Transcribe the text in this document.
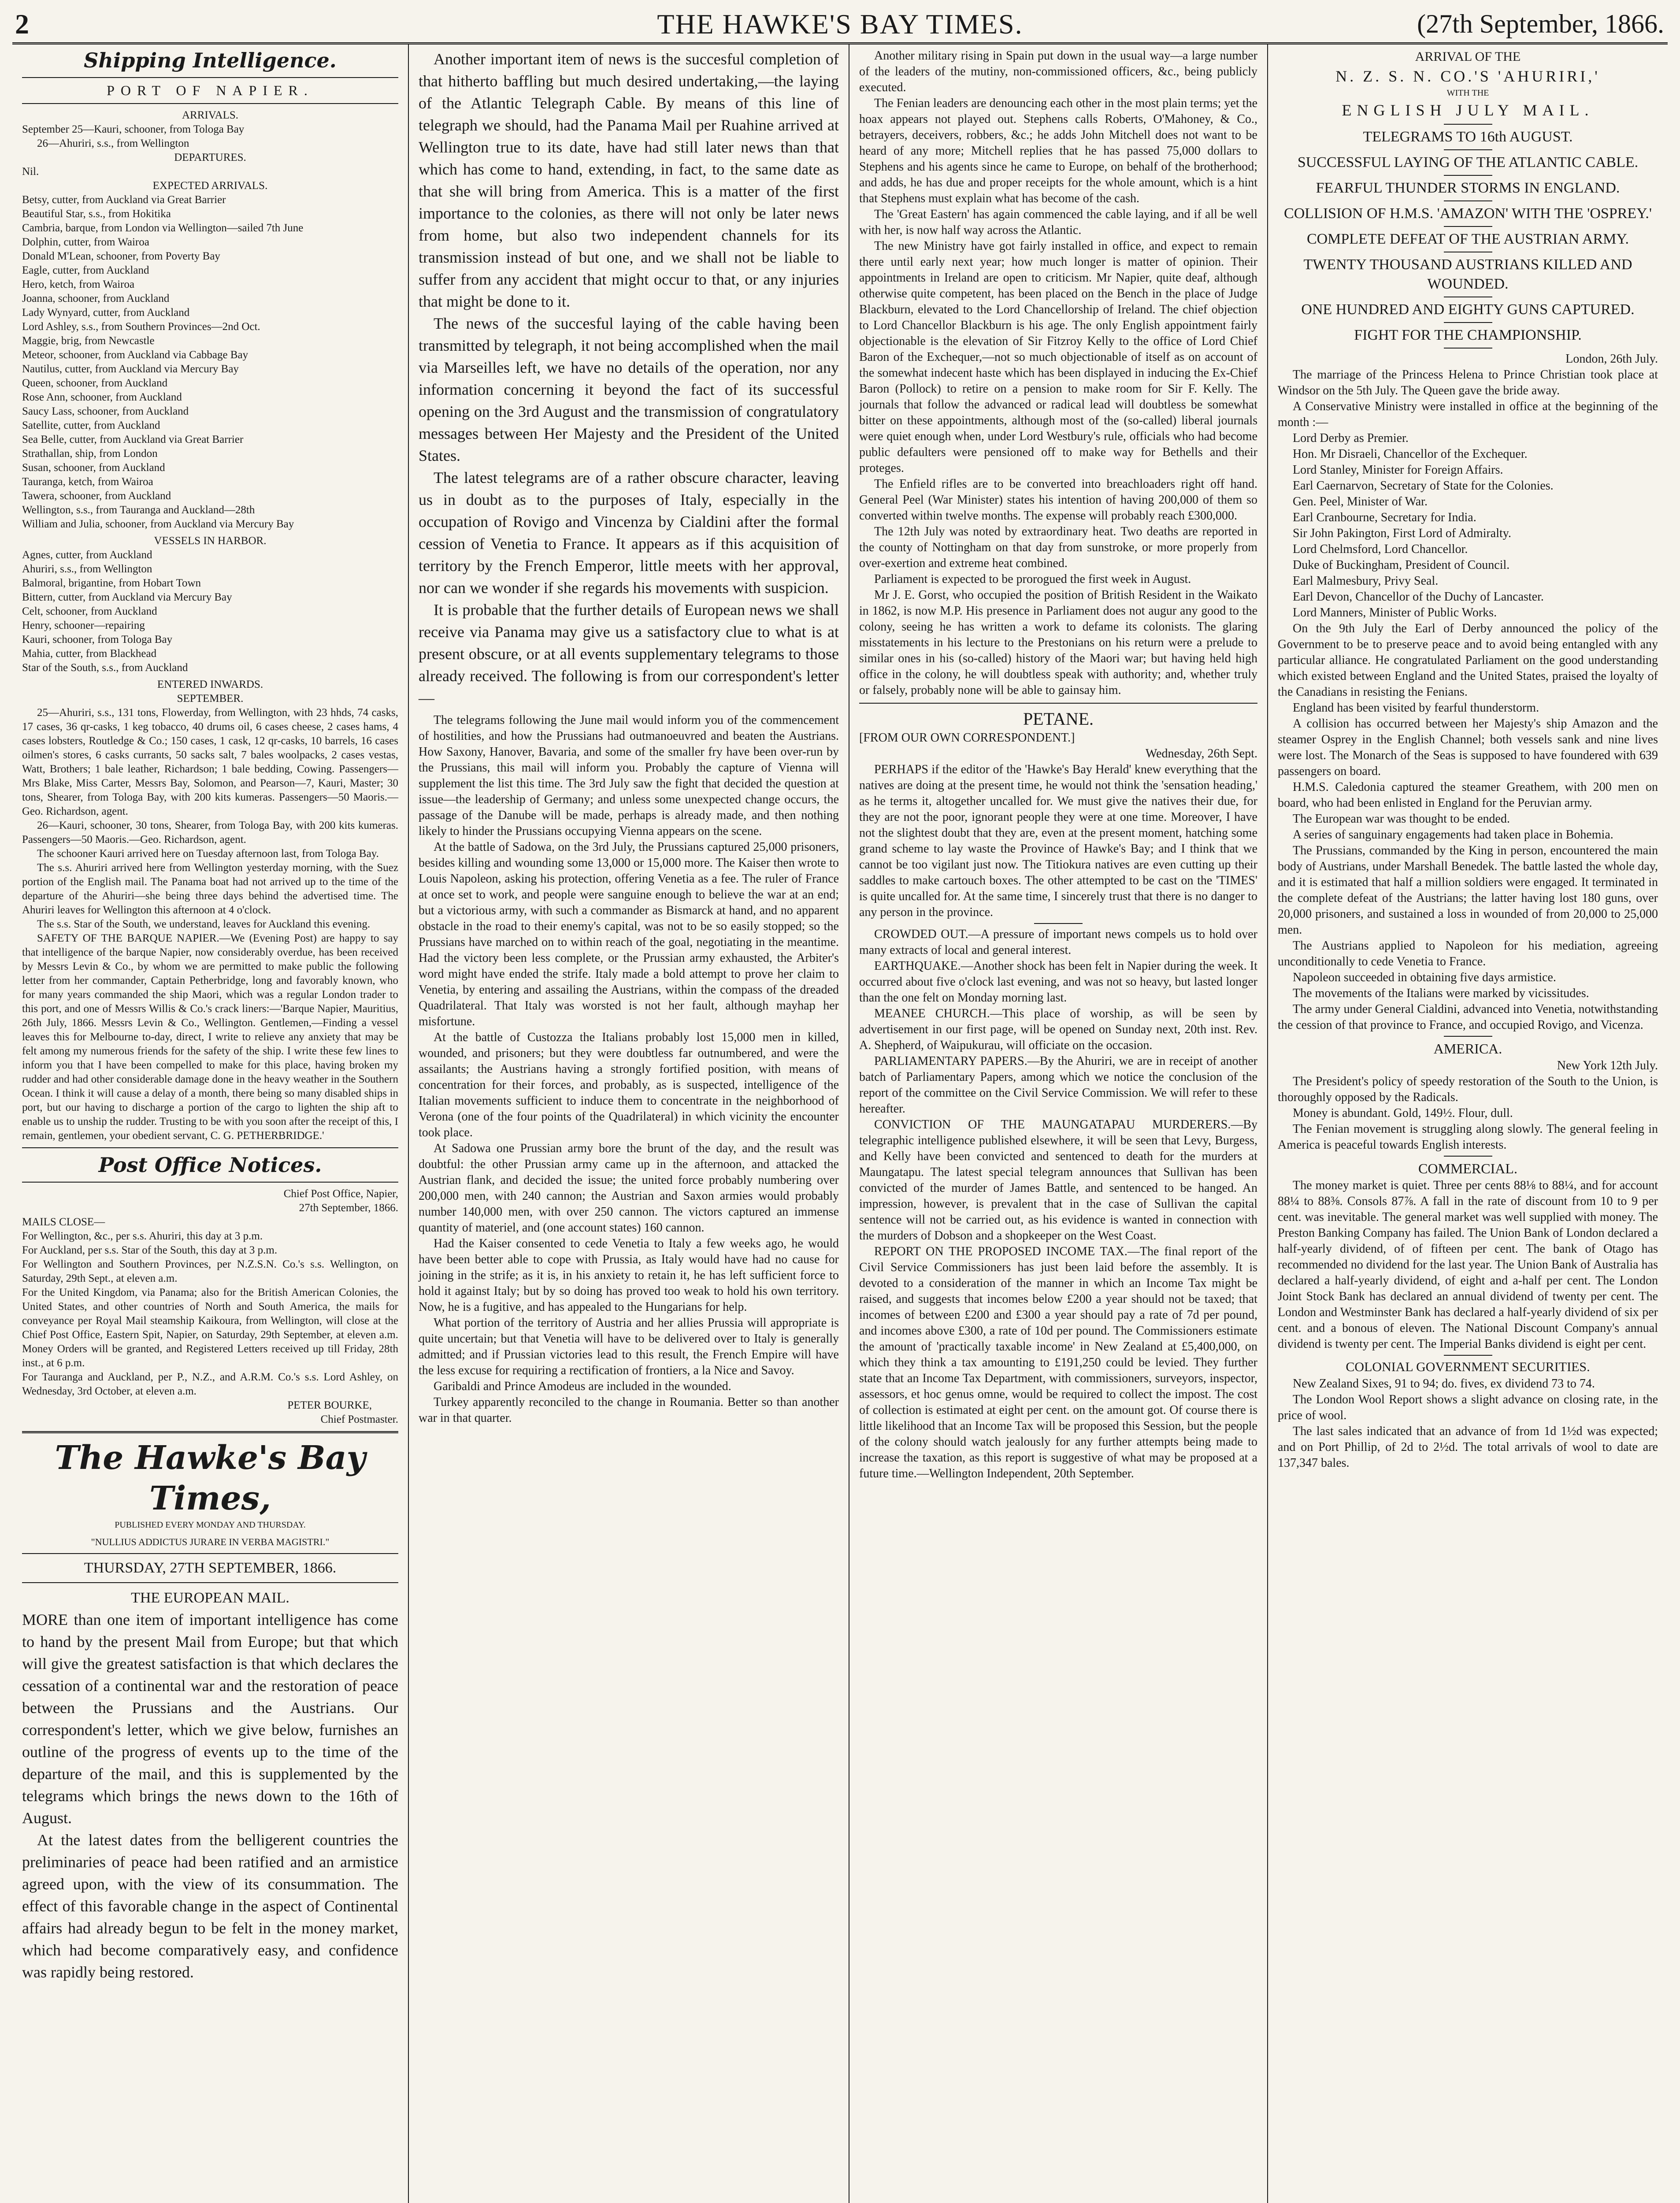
2	THE HAWKE'S BAY TIMES.	(27th September, 1866.
Shipping Intelligence.
PORT OF NAPIER.
ARRIVALS.

September 25—Kauri, schooner, from Tologa Bay

26—Ahuriri, s.s., from Wellington

DEPARTURES.

Nil.

EXPECTED ARRIVALS.

Betsy, cutter, from Auckland via Great Barrier

Beautiful Star, s.s., from Hokitika

Cambria, barque, from London via Wellington—sailed 7th June

Dolphin, cutter, from Wairoa

Donald M'Lean, schooner, from Poverty Bay

Eagle, cutter, from Auckland

Hero, ketch, from Wairoa

Joanna, schooner, from Auckland

Lady Wynyard, cutter, from Auckland

Lord Ashley, s.s., from Southern Provinces—2nd Oct.

Maggie, brig, from Newcastle

Meteor, schooner, from Auckland via Cabbage Bay

Nautilus, cutter, from Auckland via Mercury Bay

Queen, schooner, from Auckland

Rose Ann, schooner, from Auckland

Saucy Lass, schooner, from Auckland

Satellite, cutter, from Auckland

Sea Belle, cutter, from Auckland via Great Barrier

Strathallan, ship, from London

Susan, schooner, from Auckland

Tauranga, ketch, from Wairoa

Tawera, schooner, from Auckland

Wellington, s.s., from Tauranga and Auckland—28th

William and Julia, schooner, from Auckland via Mercury Bay

VESSELS IN HARBOR.

Agnes, cutter, from Auckland

Ahuriri, s.s., from Wellington

Balmoral, brigantine, from Hobart Town

Bittern, cutter, from Auckland via Mercury Bay

Celt, schooner, from Auckland

Henry, schooner—repairing

Kauri, schooner, from Tologa Bay

Mahia, cutter, from Blackhead

Star of the South, s.s., from Auckland

ENTERED INWARDS.
SEPTEMBER.

25—Ahuriri, s.s., 131 tons, Flowerday, from Wellington, with 23 hhds, 74 casks, 17 cases, 36 qr-casks, 1 keg tobacco, 40 drums oil, 6 cases cheese, 2 cases hams, 4 cases lobsters, Routledge & Co.; 150 cases, 1 cask, 12 qr-casks, 10 barrels, 16 cases oilmen's stores, 6 casks currants, 50 sacks salt, 7 bales woolpacks, 2 cases vestas, Watt, Brothers; 1 bale leather, Richardson; 1 bale bedding, Cowing. Passengers—Mrs Blake, Miss Carter, Messrs Bay, Solomon, and Pearson—7, Kauri, Master; 30 tons, Shearer, from Tologa Bay, with 200 kits kumeras. Passengers—50 Maoris.—Geo. Richardson, agent.

26—Kauri, schooner, 30 tons, Shearer, from Tologa Bay, with 200 kits kumeras. Passengers—50 Maoris.—Geo. Richardson, agent.

The schooner Kauri arrived here on Tuesday afternoon last, from Tologa Bay.

The s.s. Ahuriri arrived here from Wellington yesterday morning, with the Suez portion of the English mail. The Panama boat had not arrived up to the time of the departure of the Ahuriri—she being three days behind the advertised time. The Ahuriri leaves for Wellington this afternoon at 4 o'clock.

The s.s. Star of the South, we understand, leaves for Auckland this evening.

SAFETY OF THE BARQUE NAPIER.—We (Evening Post) are happy to say that intelligence of the barque Napier, now considerably overdue, has been received by Messrs Levin & Co., by whom we are permitted to make public the following letter from her commander, Captain Petherbridge, long and favorably known, who for many years commanded the ship Maori, which was a regular London trader to this port, and one of Messrs Willis & Co.'s crack liners:—'Barque Napier, Mauritius, 26th July, 1866. Messrs Levin & Co., Wellington. Gentlemen,—Finding a vessel leaves this for Melbourne to-day, direct, I write to relieve any anxiety that may be felt among my numerous friends for the safety of the ship. I write these few lines to inform you that I have been compelled to make for this place, having broken my rudder and had other considerable damage done in the heavy weather in the Southern Ocean. I think it will cause a delay of a month, there being so many disabled ships in port, but our having to discharge a portion of the cargo to lighten the ship aft to enable us to unship the rudder. Trusting to be with you soon after the receipt of this, I remain, gentlemen, your obedient servant, C. G. PETHERBRIDGE.'

Post Office Notices.

Chief Post Office, Napier,

27th September, 1866.

MAILS CLOSE—

For Wellington, &c., per s.s. Ahuriri, this day at 3 p.m.

For Auckland, per s.s. Star of the South, this day at 3 p.m.

For Wellington and Southern Provinces, per N.Z.S.N. Co.'s s.s. Wellington, on Saturday, 29th Sept., at eleven a.m.

For the United Kingdom, via Panama; also for the British American Colonies, the United States, and other countries of North and South America, the mails for conveyance per Royal Mail steamship Kaikoura, from Wellington, will close at the Chief Post Office, Eastern Spit, Napier, on Saturday, 29th September, at eleven a.m. Money Orders will be granted, and Registered Letters received up till Friday, 28th inst., at 6 p.m.

For Tauranga and Auckland, per P., N.Z., and A.R.M. Co.'s s.s. Lord Ashley, on Wednesday, 3rd October, at eleven a.m.

PETER BOURKE,

Chief Postmaster.

The Hawke's Bay Times,
PUBLISHED EVERY MONDAY AND THURSDAY.
"NULLIUS ADDICTUS JURARE IN VERBA MAGISTRI."
THURSDAY, 27TH SEPTEMBER, 1866.
THE EUROPEAN MAIL.

MORE than one item of important intelligence has come to hand by the present Mail from Europe; but that which will give the greatest satisfaction is that which declares the cessation of a continental war and the restoration of peace between the Prussians and the Austrians. Our correspondent's letter, which we give below, furnishes an outline of the progress of events up to the time of the departure of the mail, and this is supplemented by the telegrams which brings the news down to the 16th of August.

At the latest dates from the belligerent countries the preliminaries of peace had been ratified and an armistice agreed upon, with the view of its consummation. The effect of this favorable change in the aspect of Continental affairs had already begun to be felt in the money market, which had become comparatively easy, and confidence was rapidly being restored.

Another important item of news is the succesful completion of that hitherto baffling but much desired undertaking,—the laying of the Atlantic Telegraph Cable. By means of this line of telegraph we should, had the Panama Mail per Ruahine arrived at Wellington true to its date, have had still later news than that which has come to hand, extending, in fact, to the same date as that she will bring from America. This is a matter of the first importance to the colonies, as there will not only be later news from home, but also two independent channels for its transmission instead of but one, and we shall not be liable to suffer from any accident that might occur to that, or any injuries that might be done to it.

The news of the succesful laying of the cable having been transmitted by telegraph, it not being accomplished when the mail via Marseilles left, we have no details of the operation, nor any information concerning it beyond the fact of its successful opening on the 3rd August and the transmission of congratulatory messages between Her Majesty and the President of the United States.

The latest telegrams are of a rather obscure character, leaving us in doubt as to the purposes of Italy, especially in the occupation of Rovigo and Vincenza by Cialdini after the formal cession of Venetia to France. It appears as if this acquisition of territory by the French Emperor, little meets with her approval, nor can we wonder if she regards his movements with suspicion.

It is probable that the further details of European news we shall receive via Panama may give us a satisfactory clue to what is at present obscure, or at all events supplementary telegrams to those already received. The following is from our correspondent's letter—

The telegrams following the June mail would inform you of the commencement of hostilities, and how the Prussians had outmanoeuvred and beaten the Austrians. How Saxony, Hanover, Bavaria, and some of the smaller fry have been over-run by the Prussians, this mail will inform you. Probably the capture of Vienna will supplement the list this time. The 3rd July saw the fight that decided the question at issue—the leadership of Germany; and unless some unexpected change occurs, the passage of the Danube will be made, perhaps is already made, and then nothing likely to hinder the Prussians occupying Vienna appears on the scene.

At the battle of Sadowa, on the 3rd July, the Prussians captured 25,000 prisoners, besides killing and wounding some 13,000 or 15,000 more. The Kaiser then wrote to Louis Napoleon, asking his protection, offering Venetia as a fee. The ruler of France at once set to work, and people were sanguine enough to believe the war at an end; but a victorious army, with such a commander as Bismarck at hand, and no apparent obstacle in the road to their enemy's capital, was not to be so easily stopped; so the Prussians have marched on to within reach of the goal, negotiating in the meantime. Had the victory been less complete, or the Prussian army exhausted, the Arbiter's word might have ended the strife. Italy made a bold attempt to prove her claim to Venetia, by entering and assailing the Austrians, within the compass of the dreaded Quadrilateral. That Italy was worsted is not her fault, although mayhap her misfortune.

At the battle of Custozza the Italians probably lost 15,000 men in killed, wounded, and prisoners; but they were doubtless far outnumbered, and were the assailants; the Austrians having a strongly fortified position, with means of concentration for their forces, and probably, as is suspected, intelligence of the Italian movements sufficient to induce them to concentrate in the neighborhood of Verona (one of the four points of the Quadrilateral) in which vicinity the encounter took place.

At Sadowa one Prussian army bore the brunt of the day, and the result was doubtful: the other Prussian army came up in the afternoon, and attacked the Austrian flank, and decided the issue; the united force probably numbering over 200,000 men, with 240 cannon; the Austrian and Saxon armies would probably number 140,000 men, with over 250 cannon. The victors captured an immense quantity of materiel, and (one account states) 160 cannon.

Had the Kaiser consented to cede Venetia to Italy a few weeks ago, he would have been better able to cope with Prussia, as Italy would have had no cause for joining in the strife; as it is, in his anxiety to retain it, he has left sufficient force to hold it against Italy; but by so doing has proved too weak to hold his own territory. Now, he is a fugitive, and has appealed to the Hungarians for help.

What portion of the territory of Austria and her allies Prussia will appropriate is quite uncertain; but that Venetia will have to be delivered over to Italy is generally admitted; and if Prussian victories lead to this result, the French Empire will have the less excuse for requiring a rectification of frontiers, a la Nice and Savoy.

Garibaldi and Prince Amodeus are included in the wounded.

Turkey apparently reconciled to the change in Roumania. Better so than another war in that quarter.

Another military rising in Spain put down in the usual way—a large number of the leaders of the mutiny, non-commissioned officers, &c., being publicly executed.

The Fenian leaders are denouncing each other in the most plain terms; yet the hoax appears not played out. Stephens calls Roberts, O'Mahoney, & Co., betrayers, deceivers, robbers, &c.; he adds John Mitchell does not want to be heard of any more; Mitchell replies that he has passed 75,000 dollars to Stephens and his agents since he came to Europe, on behalf of the brotherhood; and adds, he has due and proper receipts for the whole amount, which is a hint that Stephens must explain what has become of the cash.

The 'Great Eastern' has again commenced the cable laying, and if all be well with her, is now half way across the Atlantic.

The new Ministry have got fairly installed in office, and expect to remain there until early next year; how much longer is matter of opinion. Their appointments in Ireland are open to criticism. Mr Napier, quite deaf, although otherwise quite competent, has been placed on the Bench in the place of Judge Blackburn, elevated to the Lord Chancellorship of Ireland. The chief objection to Lord Chancellor Blackburn is his age. The only English appointment fairly objectionable is the elevation of Sir Fitzroy Kelly to the office of Lord Chief Baron of the Exchequer,—not so much objectionable of itself as on account of the somewhat indecent haste which has been displayed in inducing the Ex-Chief Baron (Pollock) to retire on a pension to make room for Sir F. Kelly. The journals that follow the advanced or radical lead will doubtless be somewhat bitter on these appointments, although most of the (so-called) liberal journals were quiet enough when, under Lord Westbury's rule, officials who had become public defaulters were pensioned off to make way for Bethells and their proteges.

The Enfield rifles are to be converted into breachloaders right off hand. General Peel (War Minister) states his intention of having 200,000 of them so converted within twelve months. The expense will probably reach £300,000.

The 12th July was noted by extraordinary heat. Two deaths are reported in the county of Nottingham on that day from sunstroke, or more properly from over-exertion and extreme heat combined.

Parliament is expected to be prorogued the first week in August.

Mr J. E. Gorst, who occupied the position of British Resident in the Waikato in 1862, is now M.P. His presence in Parliament does not augur any good to the colony, seeing he has written a work to defame its colonists. The glaring misstatements in his lecture to the Prestonians on his return were a prelude to similar ones in his (so-called) history of the Maori war; but having held high office in the colony, he will doubtless speak with authority; and, whether truly or falsely, probably none will be able to gainsay him.

PETANE.

[FROM OUR OWN CORRESPONDENT.]

Wednesday, 26th Sept.

PERHAPS if the editor of the 'Hawke's Bay Herald' knew everything that the natives are doing at the present time, he would not think the 'sensation heading,' as he terms it, altogether uncalled for. We must give the natives their due, for they are not the poor, ignorant people they were at one time. Moreover, I have not the slightest doubt that they are, even at the present moment, hatching some grand scheme to lay waste the Province of Hawke's Bay; and I think that we cannot be too vigilant just now. The Titiokura natives are even cutting up their saddles to make cartouch boxes. The other attempted to be cast on the 'TIMES' is quite uncalled for. At the same time, I sincerely trust that there is no danger to any person in the province.

CROWDED OUT.—A pressure of important news compels us to hold over many extracts of local and general interest.

EARTHQUAKE.—Another shock has been felt in Napier during the week. It occurred about five o'clock last evening, and was not so heavy, but lasted longer than the one felt on Monday morning last.

MEANEE CHURCH.—This place of worship, as will be seen by advertisement in our first page, will be opened on Sunday next, 20th inst. Rev. A. Shepherd, of Waipukurau, will officiate on the occasion.

PARLIAMENTARY PAPERS.—By the Ahuriri, we are in receipt of another batch of Parliamentary Papers, among which we notice the conclusion of the report of the committee on the Civil Service Commission. We will refer to these hereafter.

CONVICTION OF THE MAUNGATAPAU MURDERERS.—By telegraphic intelligence published elsewhere, it will be seen that Levy, Burgess, and Kelly have been convicted and sentenced to death for the murders at Maungatapu. The latest special telegram announces that Sullivan has been convicted of the murder of James Battle, and sentenced to be hanged. An impression, however, is prevalent that in the case of Sullivan the capital sentence will not be carried out, as his evidence is wanted in connection with the murders of Dobson and a shopkeeper on the West Coast.

REPORT ON THE PROPOSED INCOME TAX.—The final report of the Civil Service Commissioners has just been laid before the assembly. It is devoted to a consideration of the manner in which an Income Tax might be raised, and suggests that incomes below £200 a year should not be taxed; that incomes of between £200 and £300 a year should pay a rate of 7d per pound, and incomes above £300, a rate of 10d per pound. The Commissioners estimate the amount of 'practically taxable income' in New Zealand at £5,400,000, on which they think a tax amounting to £191,250 could be levied. They further state that an Income Tax Department, with commissioners, surveyors, inspector, assessors, et hoc genus omne, would be required to collect the impost. The cost of collection is estimated at eight per cent. on the amount got. Of course there is little likelihood that an Income Tax will be proposed this Session, but the people of the colony should watch jealously for any further attempts being made to increase the taxation, as this report is suggestive of what may be proposed at a future time.—Wellington Independent, 20th September.

ARRIVAL OF THE
N. Z. S. N. CO.'S 'AHURIRI,'
WITH THE
ENGLISH JULY MAIL.
TELEGRAMS TO 16th AUGUST.
SUCCESSFUL LAYING OF THE ATLANTIC CABLE.
FEARFUL THUNDER STORMS IN ENGLAND.
COLLISION OF H.M.S. 'AMAZON' WITH THE 'OSPREY.'
COMPLETE DEFEAT OF THE AUSTRIAN ARMY.
TWENTY THOUSAND AUSTRIANS KILLED AND WOUNDED.
ONE HUNDRED AND EIGHTY GUNS CAPTURED.
FIGHT FOR THE CHAMPIONSHIP.

London, 26th July.

The marriage of the Princess Helena to Prince Christian took place at Windsor on the 5th July. The Queen gave the bride away.

A Conservative Ministry were installed in office at the beginning of the month :—

Lord Derby as Premier.

Hon. Mr Disraeli, Chancellor of the Exchequer.

Lord Stanley, Minister for Foreign Affairs.

Earl Caernarvon, Secretary of State for the Colonies.

Gen. Peel, Minister of War.

Earl Cranbourne, Secretary for India.

Sir John Pakington, First Lord of Admiralty.

Lord Chelmsford, Lord Chancellor.

Duke of Buckingham, President of Council.

Earl Malmesbury, Privy Seal.

Earl Devon, Chancellor of the Duchy of Lancaster.

Lord Manners, Minister of Public Works.

On the 9th July the Earl of Derby announced the policy of the Government to be to preserve peace and to avoid being entangled with any particular alliance. He congratulated Parliament on the good understanding which existed between England and the United States, praised the loyalty of the Canadians in resisting the Fenians.

England has been visited by fearful thunderstorm.

A collision has occurred between her Majesty's ship Amazon and the steamer Osprey in the English Channel; both vessels sank and nine lives were lost. The Monarch of the Seas is supposed to have foundered with 639 passengers on board.

H.M.S. Caledonia captured the steamer Greathem, with 200 men on board, who had been enlisted in England for the Peruvian army.

The European war was thought to be ended.

A series of sanguinary engagements had taken place in Bohemia.

The Prussians, commanded by the King in person, encountered the main body of Austrians, under Marshall Benedek. The battle lasted the whole day, and it is estimated that half a million soldiers were engaged. It terminated in the complete defeat of the Austrians; the latter having lost 180 guns, over 20,000 prisoners, and sustained a loss in wounded of from 20,000 to 25,000 men.

The Austrians applied to Napoleon for his mediation, agreeing unconditionally to cede Venetia to France.

Napoleon succeeded in obtaining five days armistice.

The movements of the Italians were marked by vicissitudes.

The army under General Cialdini, advanced into Venetia, notwithstanding the cession of that province to France, and occupied Rovigo, and Vicenza.

AMERICA.

New York 12th July.

The President's policy of speedy restoration of the South to the Union, is thoroughly opposed by the Radicals.

Money is abundant. Gold, 149½. Flour, dull.

The Fenian movement is struggling along slowly. The general feeling in America is peaceful towards English interests.

COMMERCIAL.

The money market is quiet. Three per cents 88⅛ to 88¼, and for account 88¼ to 88⅜. Consols 87⅞. A fall in the rate of discount from 10 to 9 per cent. was inevitable. The general market was well supplied with money. The Preston Banking Company has failed. The Union Bank of London declared a half-yearly dividend, of of fifteen per cent. The bank of Otago has recommended no dividend for the last year. The Union Bank of Australia has declared a half-yearly dividend, of eight and a-half per cent. The London Joint Stock Bank has declared an annual dividend of twenty per cent. The London and Westminster Bank has declared a half-yearly dividend of six per cent. and a bonous of eleven. The National Discount Company's annual dividend is twenty per cent. The Imperial Banks dividend is eight per cent.

COLONIAL GOVERNMENT SECURITIES.

New Zealand Sixes, 91 to 94; do. fives, ex dividend 73 to 74.

The London Wool Report shows a slight advance on closing rate, in the price of wool.

The last sales indicated that an advance of from 1d 1½d was expected; and on Port Phillip, of 2d to 2½d. The total arrivals of wool to date are 137,347 bales.
